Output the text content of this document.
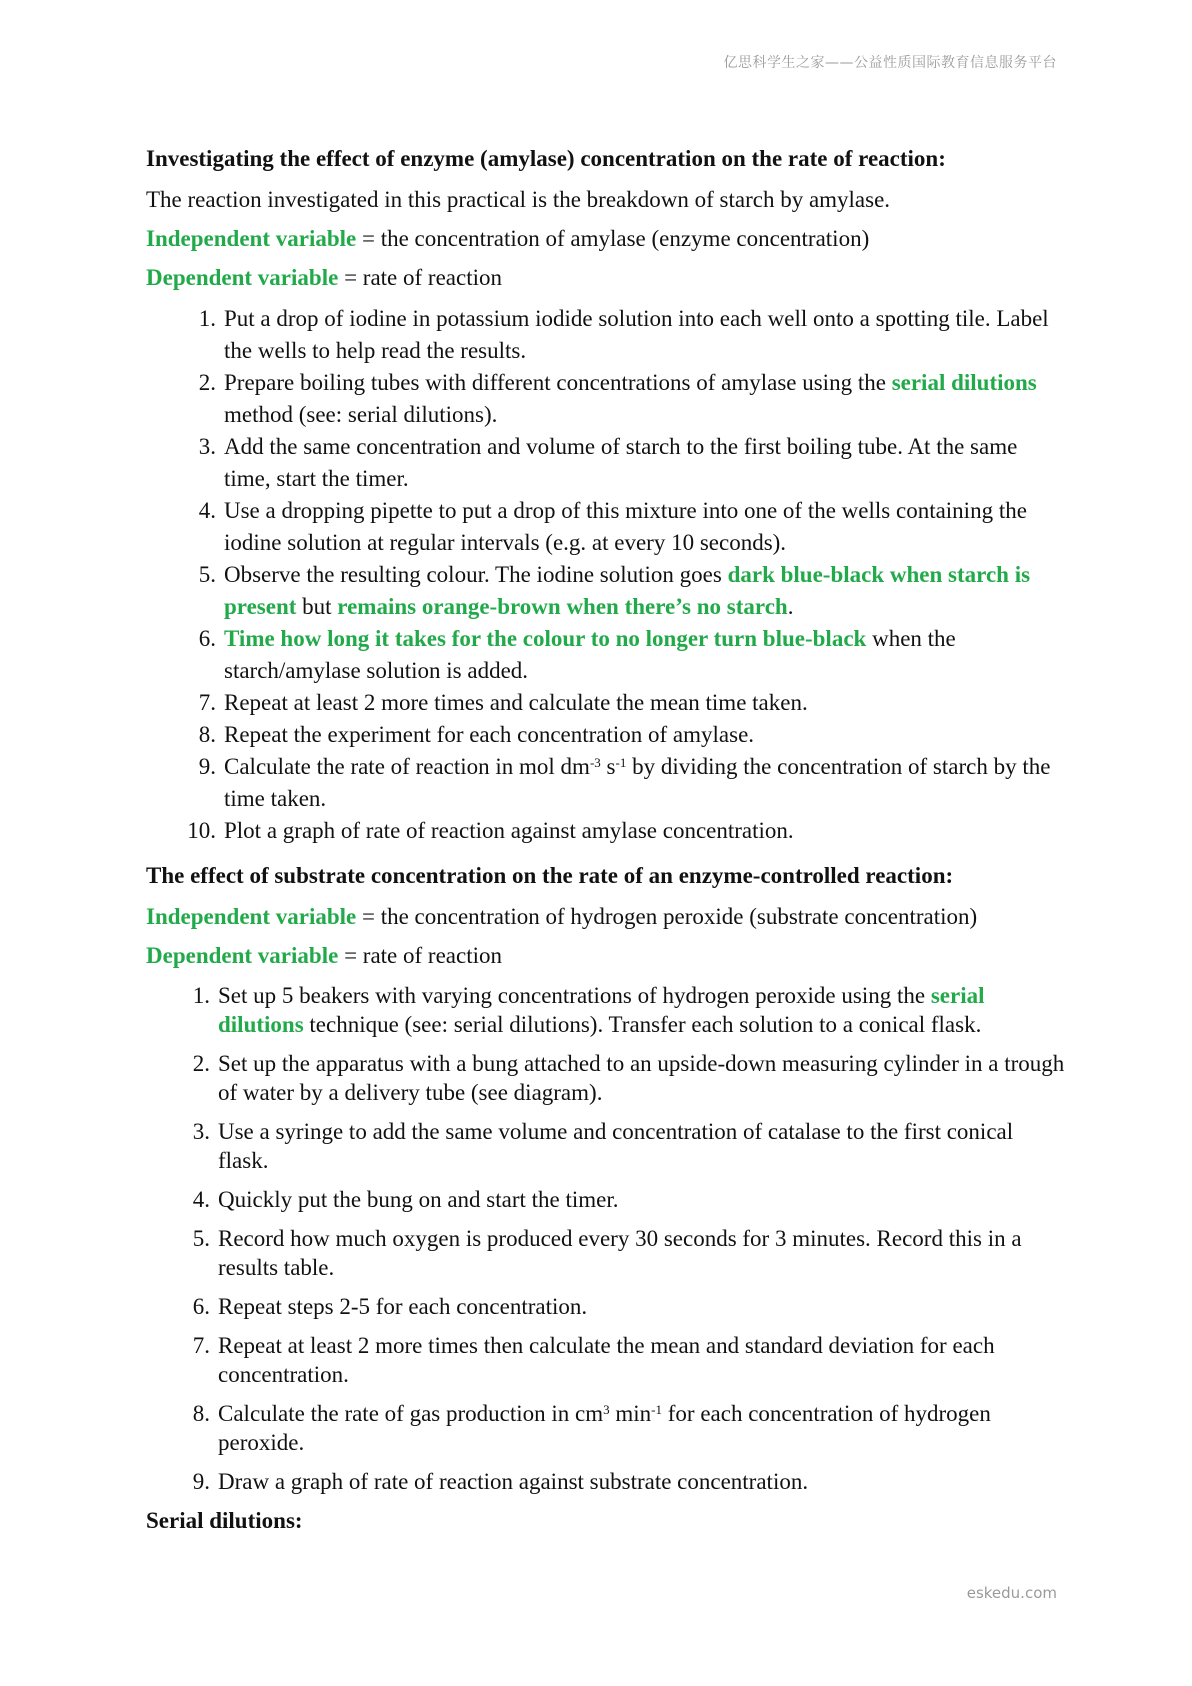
亿思科学生之家——公益性质国际教育信息服务平台
Investigating the effect of enzyme (amylase) concentration on the rate of reaction:
The reaction investigated in this practical is the breakdown of starch by amylase.
Independent variable = the concentration of amylase (enzyme concentration)
Dependent variable = rate of reaction
1. Put a drop of iodine in potassium iodide solution into each well onto a spotting tile. Label the wells to help read the results.
2. Prepare boiling tubes with different concentrations of amylase using the serial dilutions method (see: serial dilutions).
3. Add the same concentration and volume of starch to the first boiling tube. At the same time, start the timer.
4. Use a dropping pipette to put a drop of this mixture into one of the wells containing the iodine solution at regular intervals (e.g. at every 10 seconds).
5. Observe the resulting colour. The iodine solution goes dark blue-black when starch is present but remains orange-brown when there’s no starch.
6. Time how long it takes for the colour to no longer turn blue-black when the starch/amylase solution is added.
7. Repeat at least 2 more times and calculate the mean time taken.
8. Repeat the experiment for each concentration of amylase.
9. Calculate the rate of reaction in mol $dm^{-3}$ $s^{-1}$ by dividing the concentration of starch by the time taken.
10. Plot a graph of rate of reaction against amylase concentration.
The effect of substrate concentration on the rate of an enzyme-controlled reaction:
Independent variable = the concentration of hydrogen peroxide (substrate concentration)
Dependent variable = rate of reaction
1. Set up 5 beakers with varying concentrations of hydrogen peroxide using the serial dilutions technique (see: serial dilutions). Transfer each solution to a conical flask.
2. Set up the apparatus with a bung attached to an upside-down measuring cylinder in a trough of water by a delivery tube (see diagram).
3. Use a syringe to add the same volume and concentration of catalase to the first conical flask.
4. Quickly put the bung on and start the timer.
5. Record how much oxygen is produced every 30 seconds for 3 minutes. Record this in a results table.
6. Repeat steps 2-5 for each concentration.
7. Repeat at least 2 more times then calculate the mean and standard deviation for each concentration.
8. Calculate the rate of gas production in $cm^3$ $\min^{-1}$ for each concentration of hydrogen peroxide.
9. Draw a graph of rate of reaction against substrate concentration.
Serial dilutions:
eskedu.com
